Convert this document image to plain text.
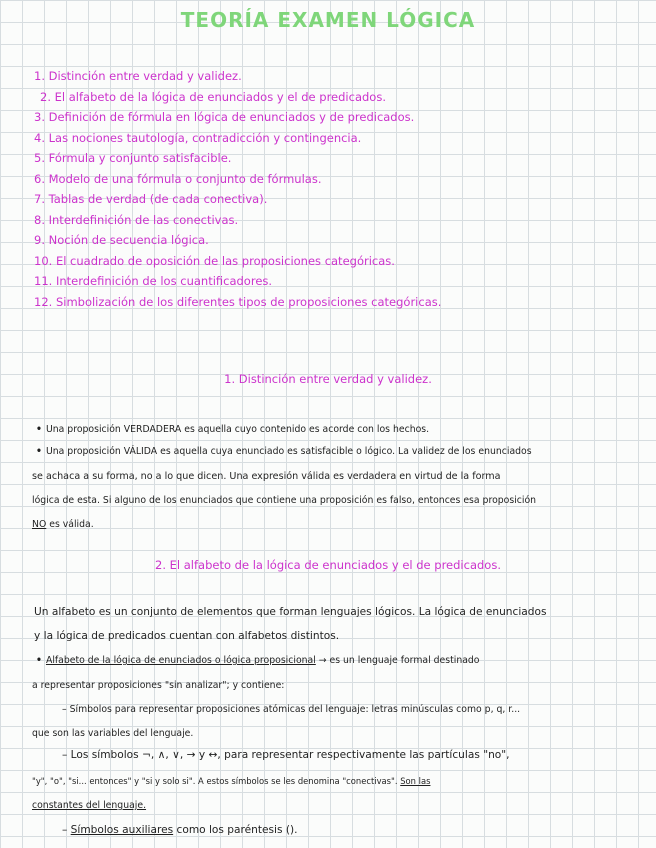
TEORÍA EXAMEN LÓGICA
1. Distinción entre verdad y validez.
2. El alfabeto de la lógica de enunciados y el de predicados.
3. Definición de fórmula en lógica de enunciados y de predicados.
4. Las nociones tautología, contradicción y contingencia.
5. Fórmula y conjunto satisfacible.
6. Modelo de una fórmula o conjunto de fórmulas.
7. Tablas de verdad (de cada conectiva).
8. Interdefinición de las conectivas.
9. Noción de secuencia lógica.
10. El cuadrado de oposición de las proposiciones categóricas.
11. Interdefinición de los cuantificadores.
12. Simbolización de los diferentes tipos de proposiciones categóricas.
1. Distinción entre verdad y validez.
• Una proposición VERDADERA es aquella cuyo contenido es acorde con los hechos.
• Una proposición VÁLIDA es aquella cuya enunciado es satisfacible o lógico. La validez de los enunciados
se achaca a su forma, no a lo que dicen. Una expresión válida es verdadera en virtud de la forma
lógica de esta. Si alguno de los enunciados que contiene una proposición es falso, entonces esa proposición
NO es válida.
2. El alfabeto de la lógica de enunciados y el de predicados.
Un alfabeto es un conjunto de elementos que forman lenguajes lógicos. La lógica de enunciados
y la lógica de predicados cuentan con alfabetos distintos.
• Alfabeto de la lógica de enunciados o lógica proposicional → es un lenguaje formal destinado
a representar proposiciones "sin analizar"; y contiene:
– Símbolos para representar proposiciones atómicas del lenguaje: letras minúsculas como p, q, r...
que son las variables del lenguaje.
– Los símbolos ¬, ∧, ∨, → y ↔, para representar respectivamente las partículas "no",
"y", "o", "si... entonces" y "si y solo si". A estos símbolos se les denomina "conectivas". Son las
constantes del lenguaje.
– Símbolos auxiliares como los paréntesis ().
